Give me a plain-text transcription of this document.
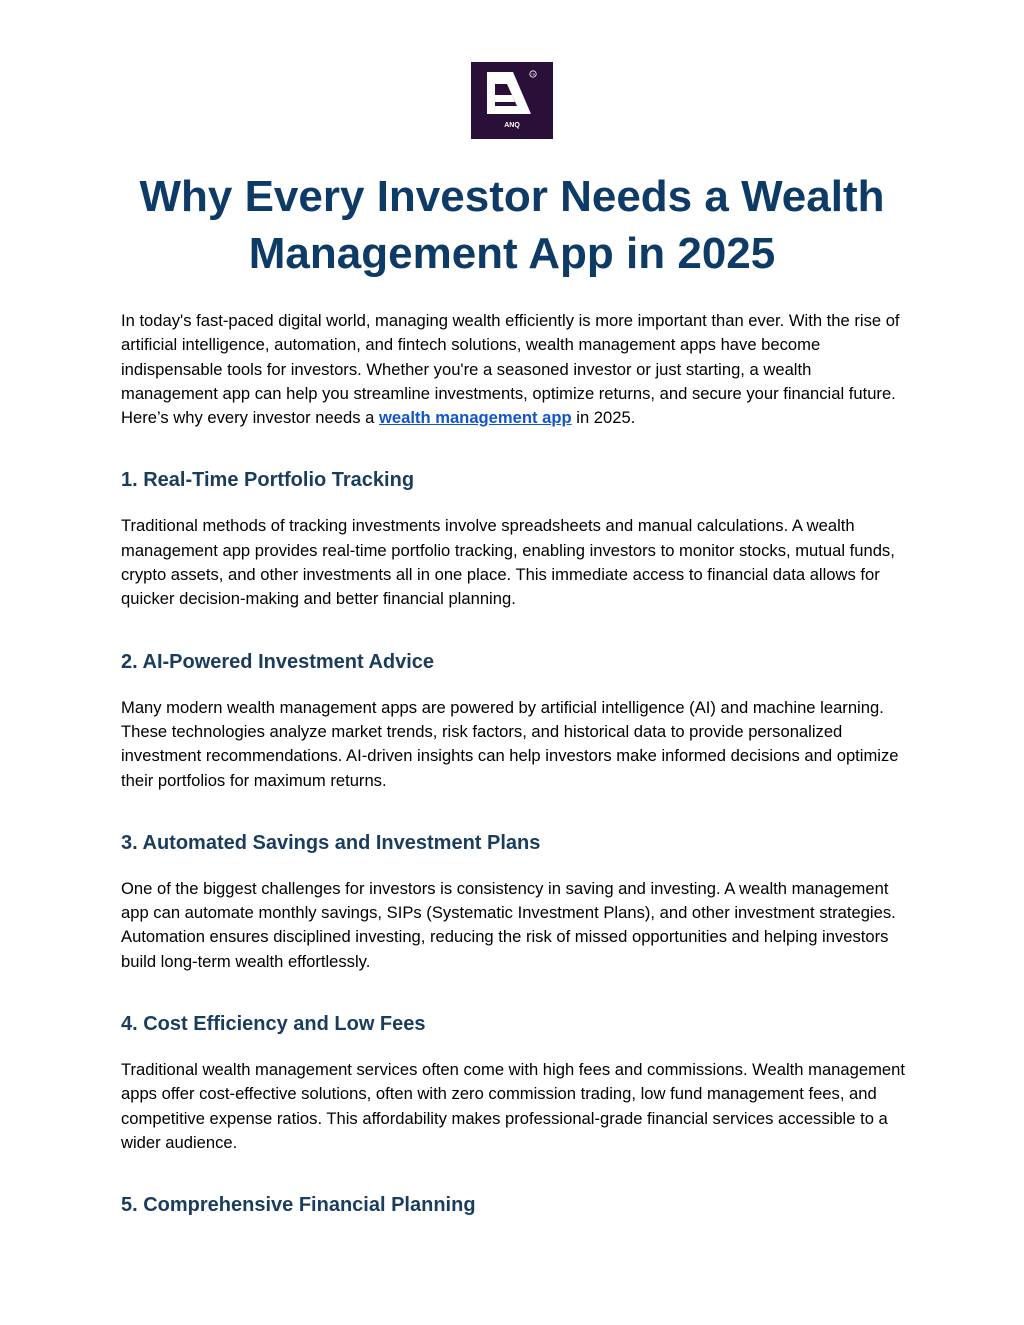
ANQ
TM
Why Every Investor Needs a Wealth Management App in 2025

In today's fast-paced digital world, managing wealth efficiently is more important than ever. With the rise of artificial intelligence, automation, and fintech solutions, wealth management apps have become indispensable tools for investors. Whether you're a seasoned investor or just starting, a wealth management app can help you streamline investments, optimize returns, and secure your financial future. Here’s why every investor needs a wealth management app in 2025.

1. Real-Time Portfolio Tracking

Traditional methods of tracking investments involve spreadsheets and manual calculations. A wealth management app provides real-time portfolio tracking, enabling investors to monitor stocks, mutual funds, crypto assets, and other investments all in one place. This immediate access to financial data allows for quicker decision-making and better financial planning.

2. AI-Powered Investment Advice

Many modern wealth management apps are powered by artificial intelligence (AI) and machine learning. These technologies analyze market trends, risk factors, and historical data to provide personalized investment recommendations. AI-driven insights can help investors make informed decisions and optimize their portfolios for maximum returns.

3. Automated Savings and Investment Plans

One of the biggest challenges for investors is consistency in saving and investing. A wealth management app can automate monthly savings, SIPs (Systematic Investment Plans), and other investment strategies. Automation ensures disciplined investing, reducing the risk of missed opportunities and helping investors build long-term wealth effortlessly.

4. Cost Efficiency and Low Fees

Traditional wealth management services often come with high fees and commissions. Wealth management apps offer cost-effective solutions, often with zero commission trading, low fund management fees, and competitive expense ratios. This affordability makes professional-grade financial services accessible to a wider audience.

5. Comprehensive Financial Planning
